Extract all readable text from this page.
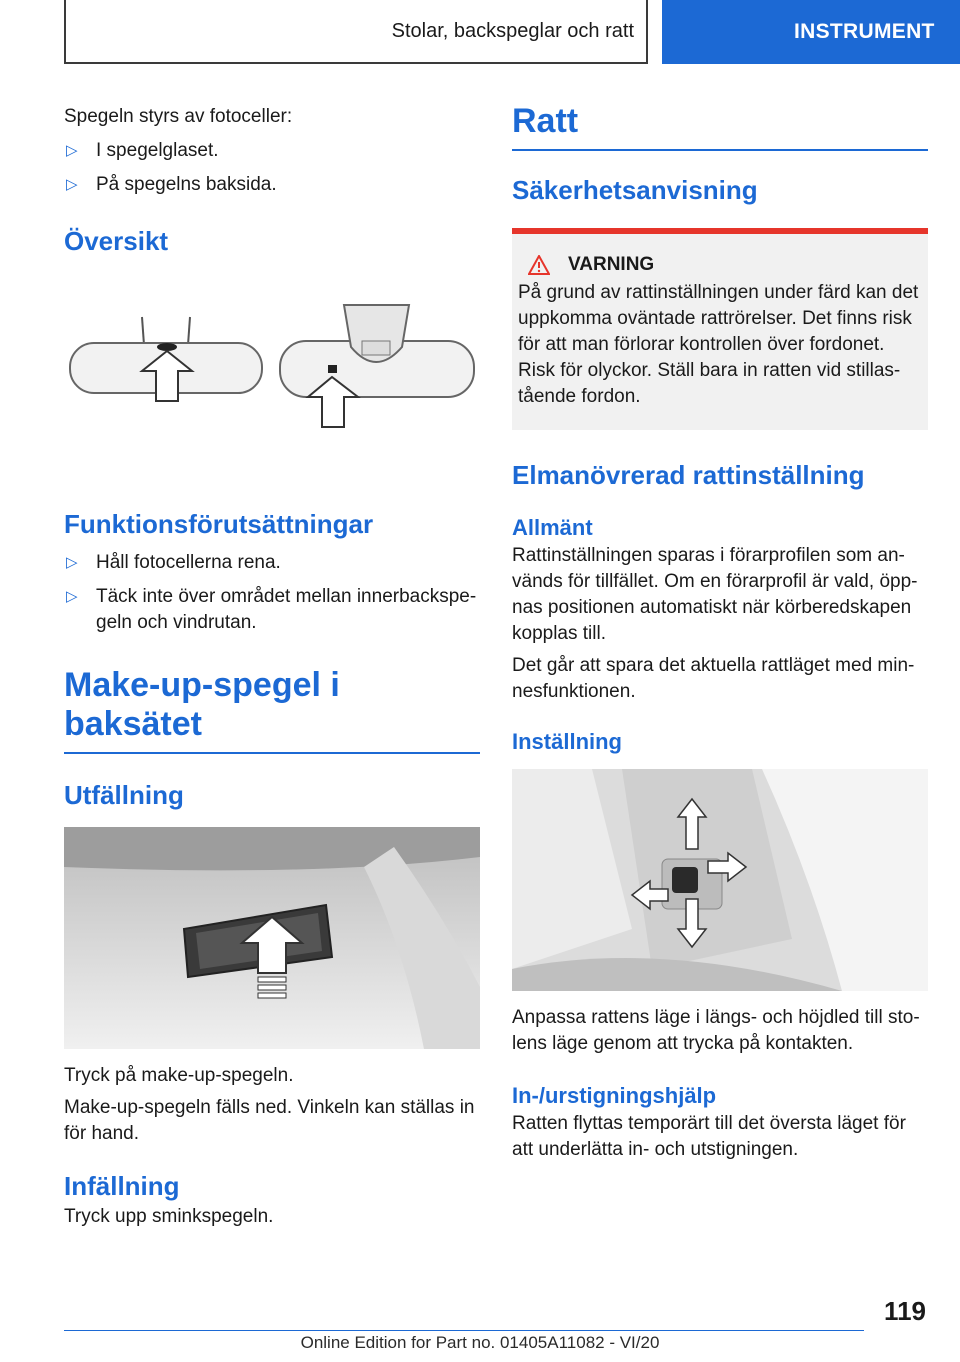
Stolar, backspeglar och ratt	INSTRUMENT

Spegeln styrs av fotoceller:

▷ I spegelglaset.
▷ På spegelns baksida.
Översikt
Funktionsförutsättningar
▷ Håll fotocellerna rena.
▷ Täck inte över området mellan innerbackspe-geln och vindrutan.
Make-up-spegel i baksätet
Utfällning

Tryck på make-up-spegeln.

Make-up-spegeln fälls ned. Vinkeln kan ställas in för hand.

Infällning

Tryck upp sminkspegeln.

Ratt
Säkerhetsanvisning
VARNING

På grund av rattinställningen under färd kan det uppkomma oväntade rattrörelser. Det finns risk för att man förlorar kontrollen över fordonet. Risk för olyckor. Ställ bara in ratten vid stillas-tående fordon.

Elmanövrerad rattinställning
Allmänt

Rattinställningen sparas i förarprofilen som an-vänds för tillfället. Om en förarprofil är vald, öpp-nas positionen automatiskt när körberedskapen kopplas till.

Det går att spara det aktuella rattläget med min-nesfunktionen.

Inställning

Anpassa rattens läge i längs- och höjdled till sto-lens läge genom att trycka på kontakten.

In-/urstigningshjälp

Ratten flyttas temporärt till det översta läget för att underlätta in- och utstigningen.

119
Online Edition for Part no. 01405A11082 - VI/20
